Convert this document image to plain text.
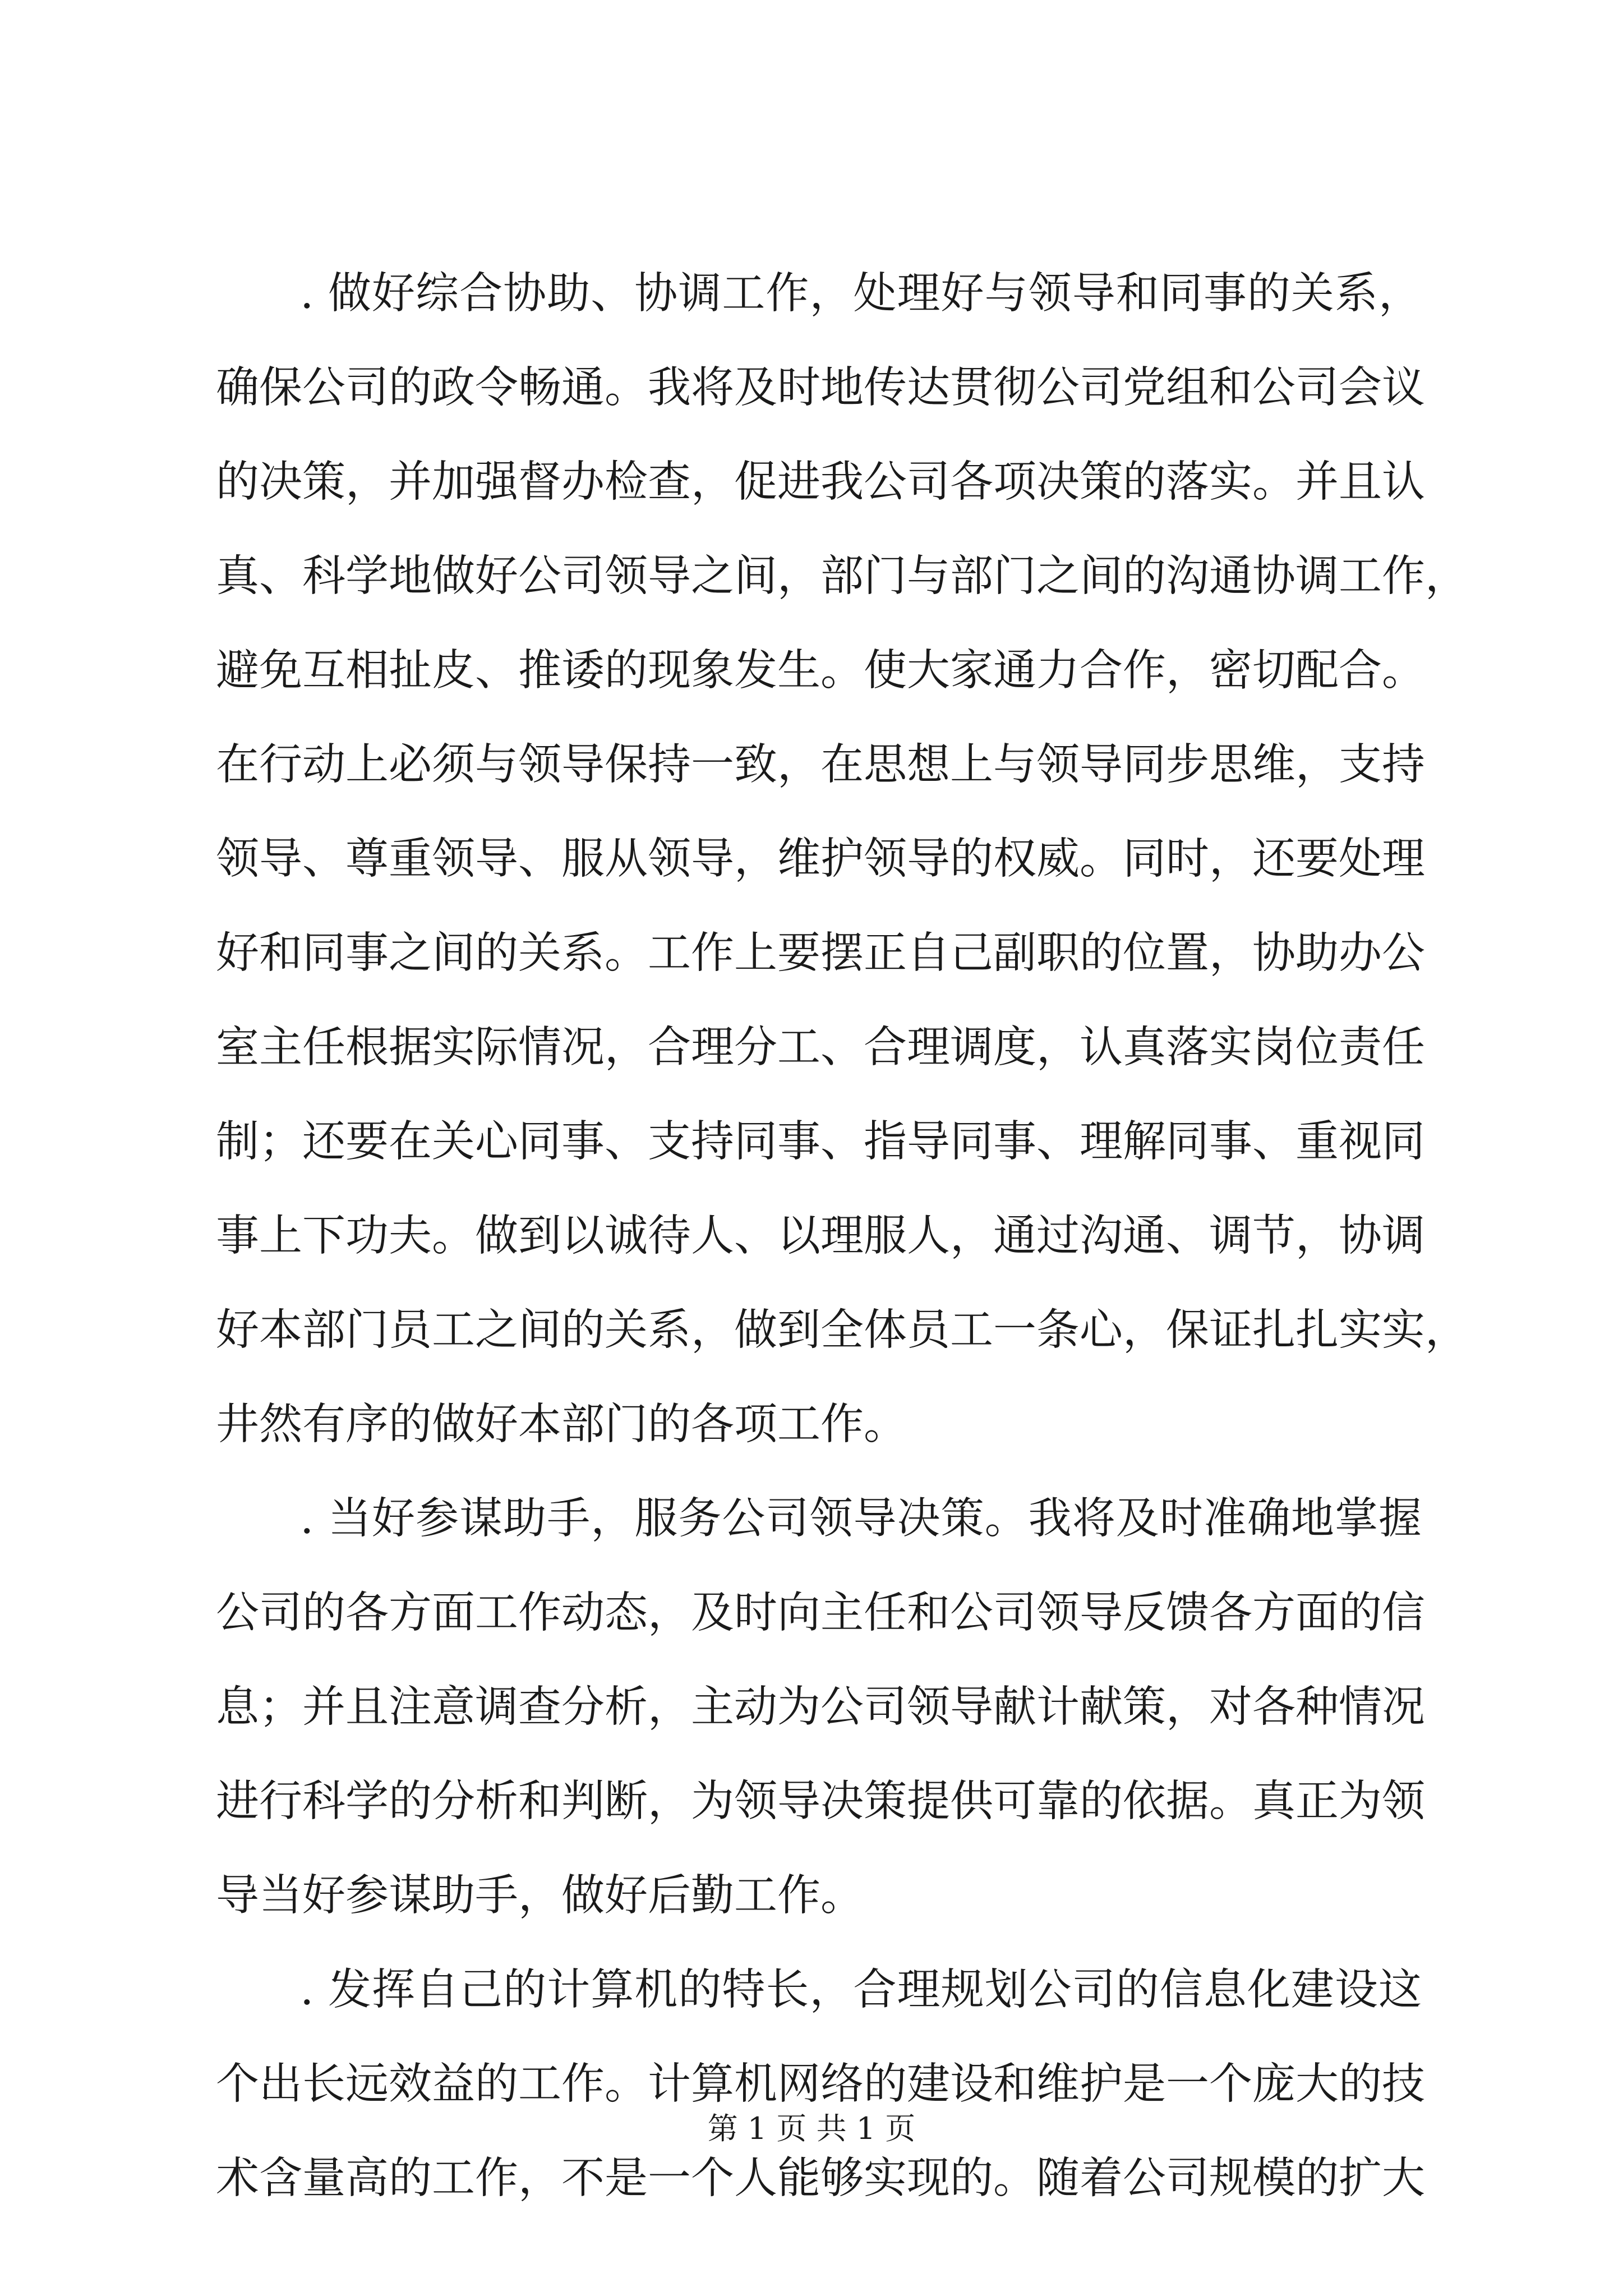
. 做好综合协助、协调工作，处理好与领导和同事的关系，
确保公司的政令畅通。我将及时地传达贯彻公司党组和公司会议
的决策，并加强督办检查，促进我公司各项决策的落实。并且认
真、科学地做好公司领导之间，部门与部门之间的沟通协调工作，
避免互相扯皮、推诿的现象发生。使大家通力合作，密切配合。
在行动上必须与领导保持一致，在思想上与领导同步思维，支持
领导、尊重领导、服从领导，维护领导的权威。同时，还要处理
好和同事之间的关系。工作上要摆正自己副职的位置，协助办公
室主任根据实际情况，合理分工、合理调度，认真落实岗位责任
制；还要在关心同事、支持同事、指导同事、理解同事、重视同
事上下功夫。做到以诚待人、以理服人，通过沟通、调节，协调
好本部门员工之间的关系，做到全体员工一条心，保证扎扎实实，
井然有序的做好本部门的各项工作。
. 当好参谋助手，服务公司领导决策。我将及时准确地掌握
公司的各方面工作动态，及时向主任和公司领导反馈各方面的信
息；并且注意调查分析，主动为公司领导献计献策，对各种情况
进行科学的分析和判断，为领导决策提供可靠的依据。真正为领
导当好参谋助手，做好后勤工作。
. 发挥自己的计算机的特长，合理规划公司的信息化建设这
个出长远效益的工作。计算机网络的建设和维护是一个庞大的技
术含量高的工作，不是一个人能够实现的。随着公司规模的扩大
第 1 页 共 1 页
